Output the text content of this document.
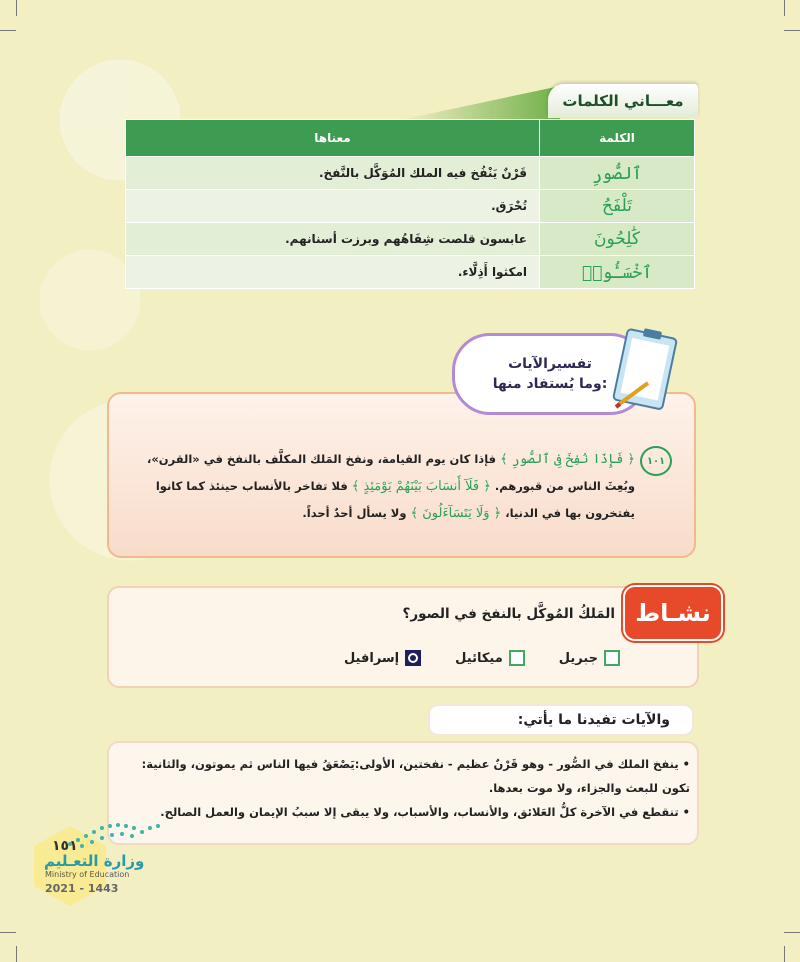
معـــاني الكلمات
الكلمة	معناها
ٱلصُّورِ	قَرْنٌ يَنْفُخ فيه الملك المُوَكَّل بالنَّفخ.
تَلْفَحُ	تُحْرَق.
كَٰلِحُونَ	عابسون قلصت شِفَاهُهم وبرزت أسنانهم.
ٱخْسَـُٔوا۟	امكثوا أَذِلَّاء.
تفسيرالآيات
وما يُستفاد منها:
١٠١
﴿ فَإِذَا نُفِخَ فِى ٱلصُّورِ ﴾ فإذا كان يوم القيامة، ونفخ المَلك المكلَّف بالنفخ في «القرن»، وبُعِثَ الناس من قبورهم. ﴿ فَلَآ أَنسَابَ بَيْنَهُمْ يَوْمَئِذٍ ﴾ فلا تفاخر بالأنساب حينئذ كما كانوا يفتخرون بها في الدنيا، ﴿ وَلَا يَتَسَآءَلُونَ ﴾ ولا يسأل أحدٌ أحداً.
نشـاط
المَلكُ المُوكَّل بالنفخ في الصور؟
جبريل
ميكائيل
إسرافيل
والآيات تفيدنا ما يأتي:
• ينفخ الملك في الصُّور - وهو قَرْنٌ عظيم - نفختين، الأولى:يَصْعَقُ فيها الناس ثم يموتون، والثانية: تكون للبعث والجزاء، ولا موت بعدها.
• تنقطع في الآخرة كلُّ العَلائق، والأنساب، والأسباب، ولا يبقى إلا سببُ الإيمان والعمل الصالح.
١٥١
وزارة التعـليم
Ministry of Education
2021 - 1443
